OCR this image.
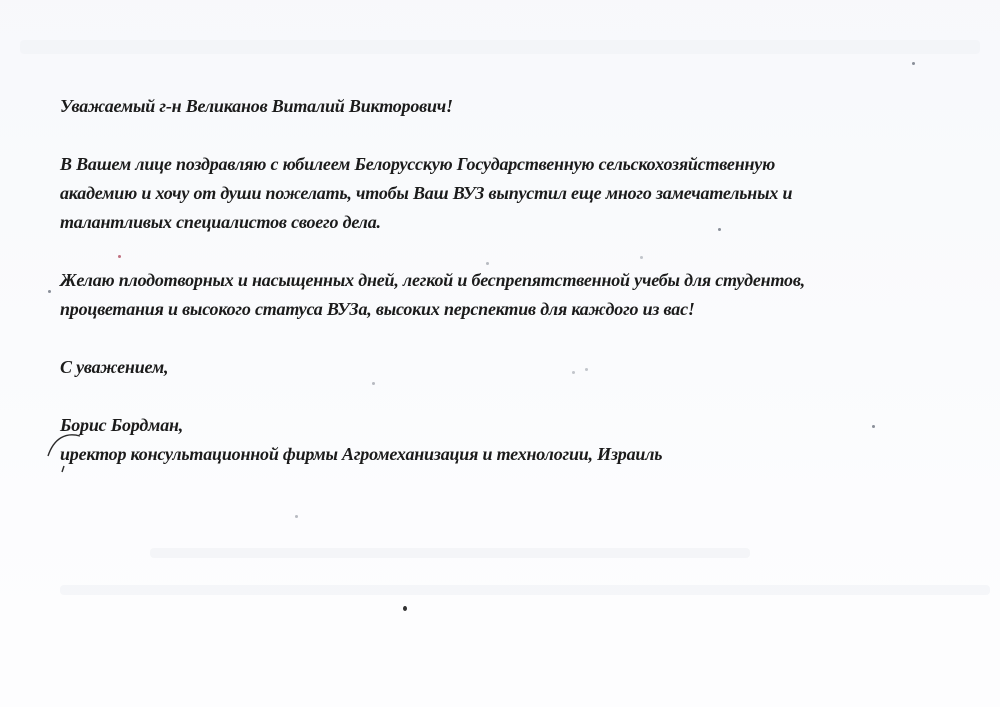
Уважаемый г-н Великанов Виталий Викторович!

В Вашем лице поздравляю с юбилеем Белорусскую Государственную сельскохозяйственную

академию и хочу от души пожелать, чтобы Ваш ВУЗ выпустил еще много замечательных и

талантливых специалистов своего дела.

Желаю плодотворных и насыщенных дней, легкой и беспрепятственной учебы для студентов,

процветания и высокого статуса ВУЗа, высоких перспектив для каждого из вас!

С уважением,

Борис Бордман,

иректор консультационной фирмы Агромеханизация и технологии, Израиль
